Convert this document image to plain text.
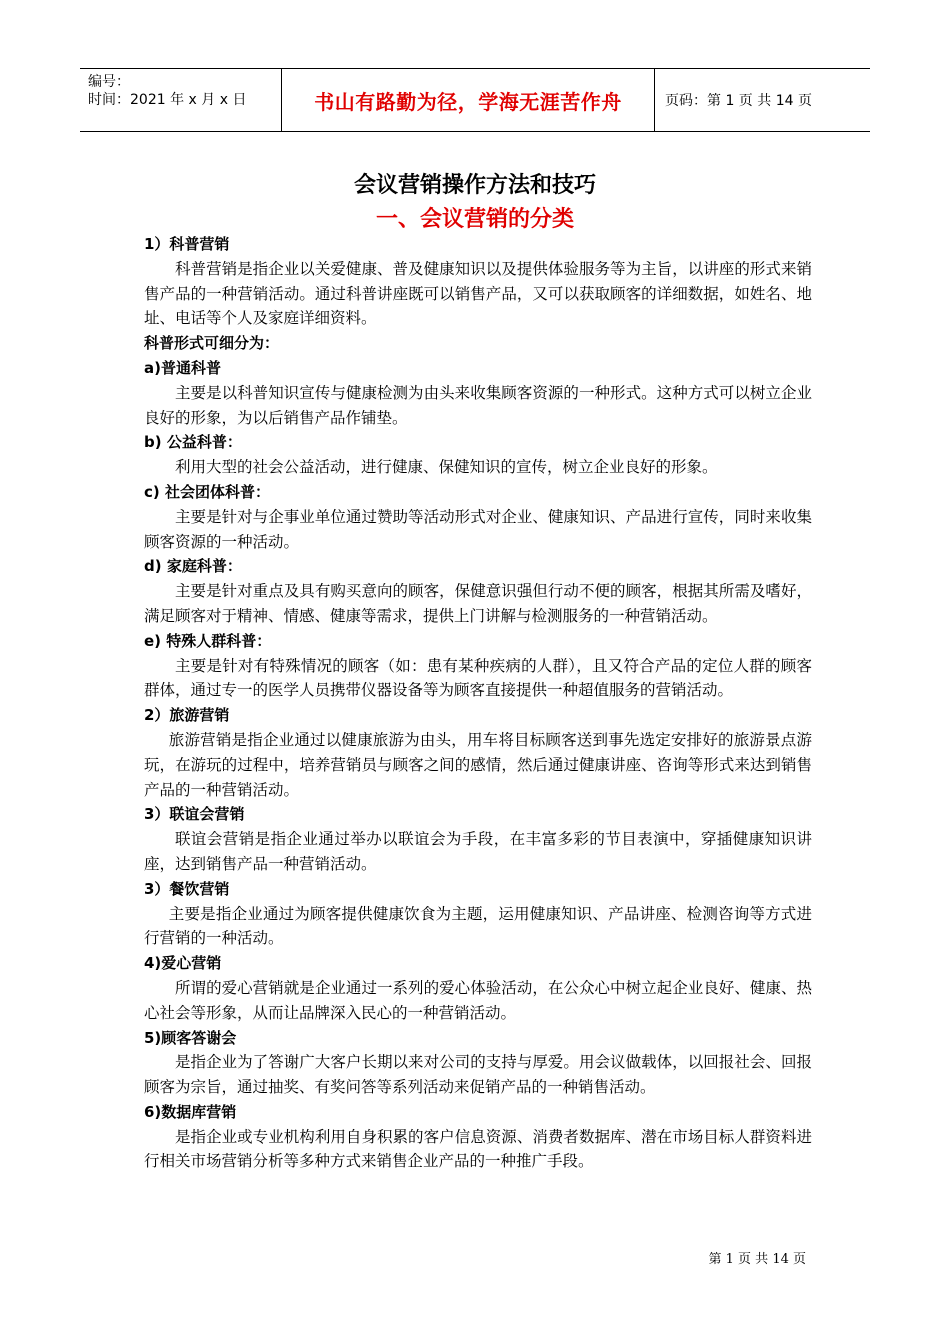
编号：
时间：2021 年 x 月 x 日	书山有路勤为径，学海无涯苦作舟	页码：第 1 页 共 14 页
会议营销操作方法和技巧
一、会议营销的分类
1）科普营销
科普营销是指企业以关爱健康、普及健康知识以及提供体验服务等为主旨，以讲座的形式来销售产品的一种营销活动。通过科普讲座既可以销售产品，又可以获取顾客的详细数据，如姓名、地址、电话等个人及家庭详细资料。
科普形式可细分为：
a)普通科普
主要是以科普知识宣传与健康检测为由头来收集顾客资源的一种形式。这种方式可以树立企业良好的形象，为以后销售产品作铺垫。
b) 公益科普：
利用大型的社会公益活动，进行健康、保健知识的宣传，树立企业良好的形象。
c) 社会团体科普：
主要是针对与企事业单位通过赞助等活动形式对企业、健康知识、产品进行宣传，同时来收集顾客资源的一种活动。
d) 家庭科普：
主要是针对重点及具有购买意向的顾客，保健意识强但行动不便的顾客，根据其所需及嗜好，满足顾客对于精神、情感、健康等需求，提供上门讲解与检测服务的一种营销活动。
e) 特殊人群科普：
主要是针对有特殊情况的顾客（如：患有某种疾病的人群），且又符合产品的定位人群的顾客群体，通过专一的医学人员携带仪器设备等为顾客直接提供一种超值服务的营销活动。
2）旅游营销
旅游营销是指企业通过以健康旅游为由头，用车将目标顾客送到事先选定安排好的旅游景点游玩，在游玩的过程中，培养营销员与顾客之间的感情，然后通过健康讲座、咨询等形式来达到销售产品的一种营销活动。
3）联谊会营销
联谊会营销是指企业通过举办以联谊会为手段，在丰富多彩的节目表演中，穿插健康知识讲座，达到销售产品一种营销活动。
3）餐饮营销
主要是指企业通过为顾客提供健康饮食为主题，运用健康知识、产品讲座、检测咨询等方式进行营销的一种活动。
4)爱心营销
所谓的爱心营销就是企业通过一系列的爱心体验活动，在公众心中树立起企业良好、健康、热心社会等形象，从而让品牌深入民心的一种营销活动。
5)顾客答谢会
是指企业为了答谢广大客户长期以来对公司的支持与厚爱。用会议做载体，以回报社会、回报顾客为宗旨，通过抽奖、有奖问答等系列活动来促销产品的一种销售活动。
6)数据库营销
是指企业或专业机构利用自身积累的客户信息资源、消费者数据库、潜在市场目标人群资料进行相关市场营销分析等多种方式来销售企业产品的一种推广手段。
第 1 页 共 14 页
